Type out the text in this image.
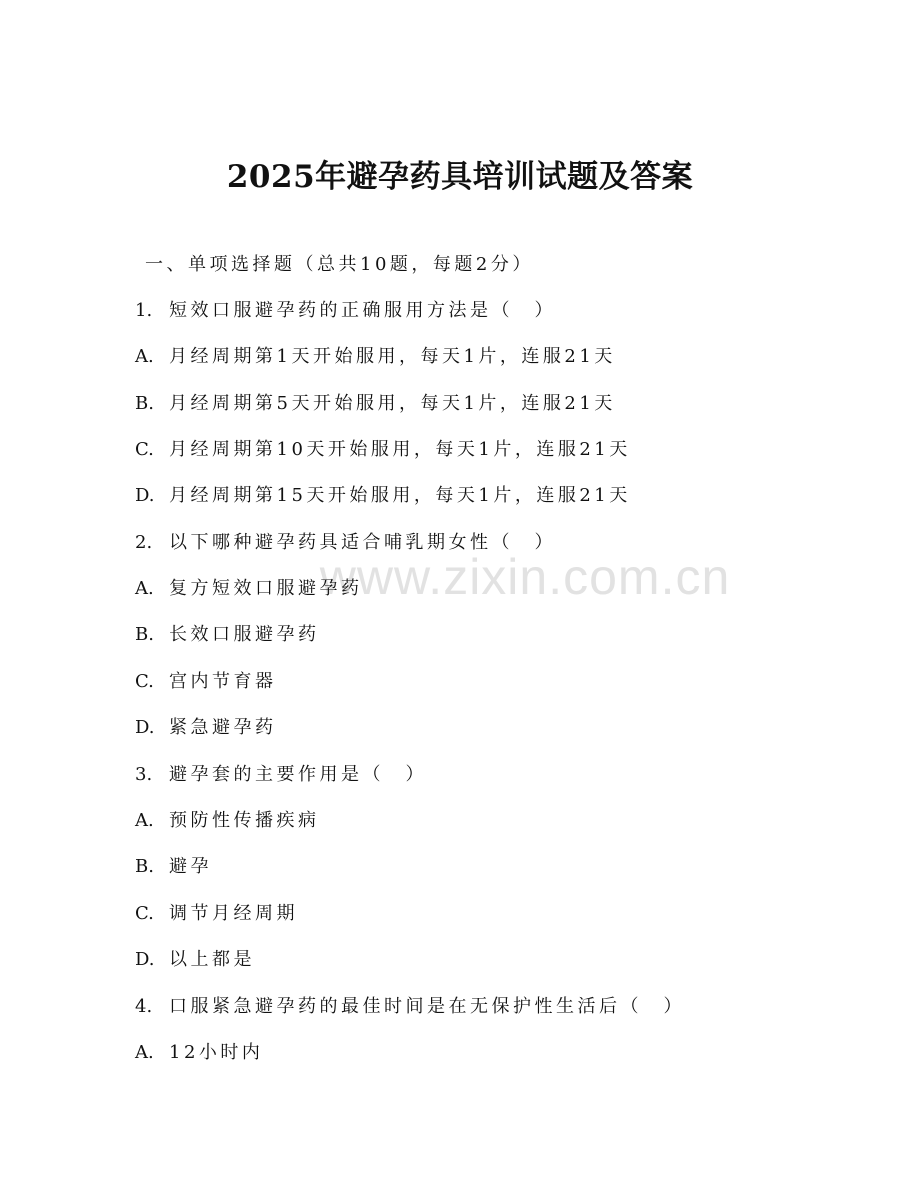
www.zixin.com.cn
2025年避孕药具培训试题及答案
一、单项选择题（总共10题，每题2分）
1. 短效口服避孕药的正确服用方法是（　）
A. 月经周期第1天开始服用，每天1片，连服21天
B. 月经周期第5天开始服用，每天1片，连服21天
C. 月经周期第10天开始服用，每天1片，连服21天
D. 月经周期第15天开始服用，每天1片，连服21天
2. 以下哪种避孕药具适合哺乳期女性（　）
A. 复方短效口服避孕药
B. 长效口服避孕药
C. 宫内节育器
D. 紧急避孕药
3. 避孕套的主要作用是（　）
A. 预防性传播疾病
B. 避孕
C. 调节月经周期
D. 以上都是
4. 口服紧急避孕药的最佳时间是在无保护性生活后（　）
A. 12小时内
